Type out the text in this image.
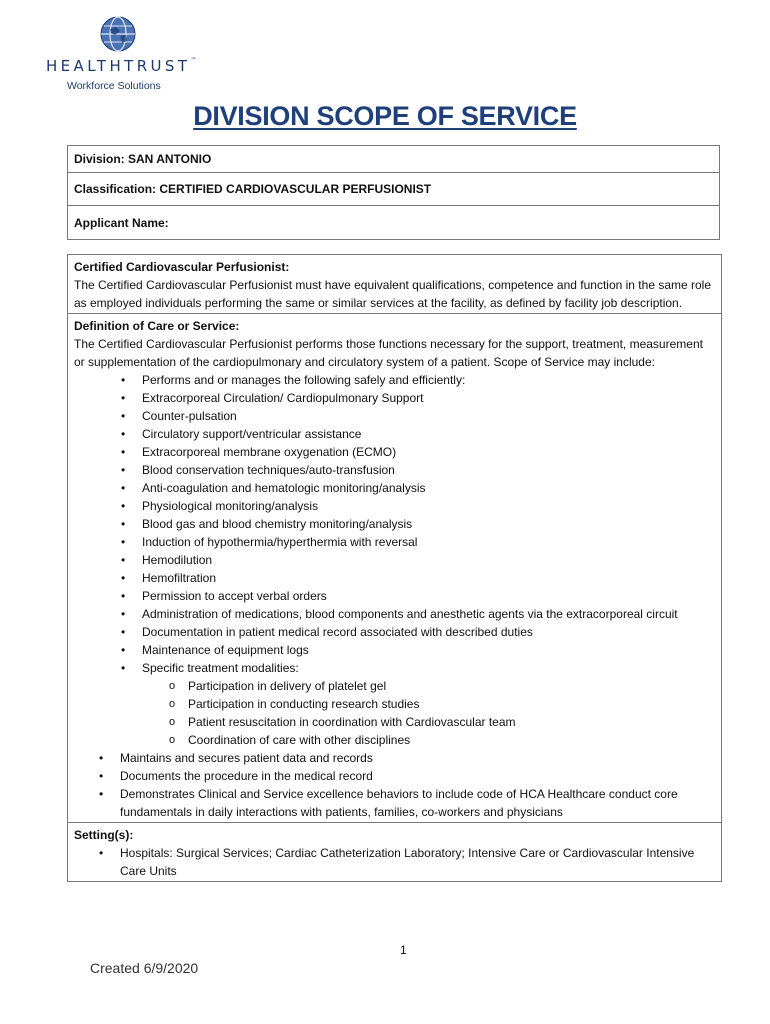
HEALTHTRUST™
Workforce Solutions
DIVISION SCOPE OF SERVICE
Division: SAN ANTONIO
Classification: CERTIFIED CARDIOVASCULAR PERFUSIONIST
Applicant Name:
Certified Cardiovascular Perfusionist:
The Certified Cardiovascular Perfusionist must have equivalent qualifications, competence and function in the same role as employed individuals performing the same or similar services at the facility, as defined by facility job description.
Definition of Care or Service:
The Certified Cardiovascular Perfusionist performs those functions necessary for the support, treatment, measurement or supplementation of the cardiopulmonary and circulatory system of a patient. Scope of Service may include:
• Performs and or manages the following safely and efficiently:
• Extracorporeal Circulation/ Cardiopulmonary Support
• Counter-pulsation
• Circulatory support/ventricular assistance
• Extracorporeal membrane oxygenation (ECMO)
• Blood conservation techniques/auto-transfusion
• Anti-coagulation and hematologic monitoring/analysis
• Physiological monitoring/analysis
• Blood gas and blood chemistry monitoring/analysis
• Induction of hypothermia/hyperthermia with reversal
• Hemodilution
• Hemofiltration
• Permission to accept verbal orders
• Administration of medications, blood components and anesthetic agents via the extracorporeal circuit
• Documentation in patient medical record associated with described duties
• Maintenance of equipment logs
• Specific treatment modalities:
o Participation in delivery of platelet gel
o Participation in conducting research studies
o Patient resuscitation in coordination with Cardiovascular team
o Coordination of care with other disciplines
• Maintains and secures patient data and records
• Documents the procedure in the medical record
• Demonstrates Clinical and Service excellence behaviors to include code of HCA Healthcare conduct core fundamentals in daily interactions with patients, families, co-workers and physicians
Setting(s):
• Hospitals: Surgical Services; Cardiac Catheterization Laboratory; Intensive Care or Cardiovascular Intensive Care Units
1
Created 6/9/2020
